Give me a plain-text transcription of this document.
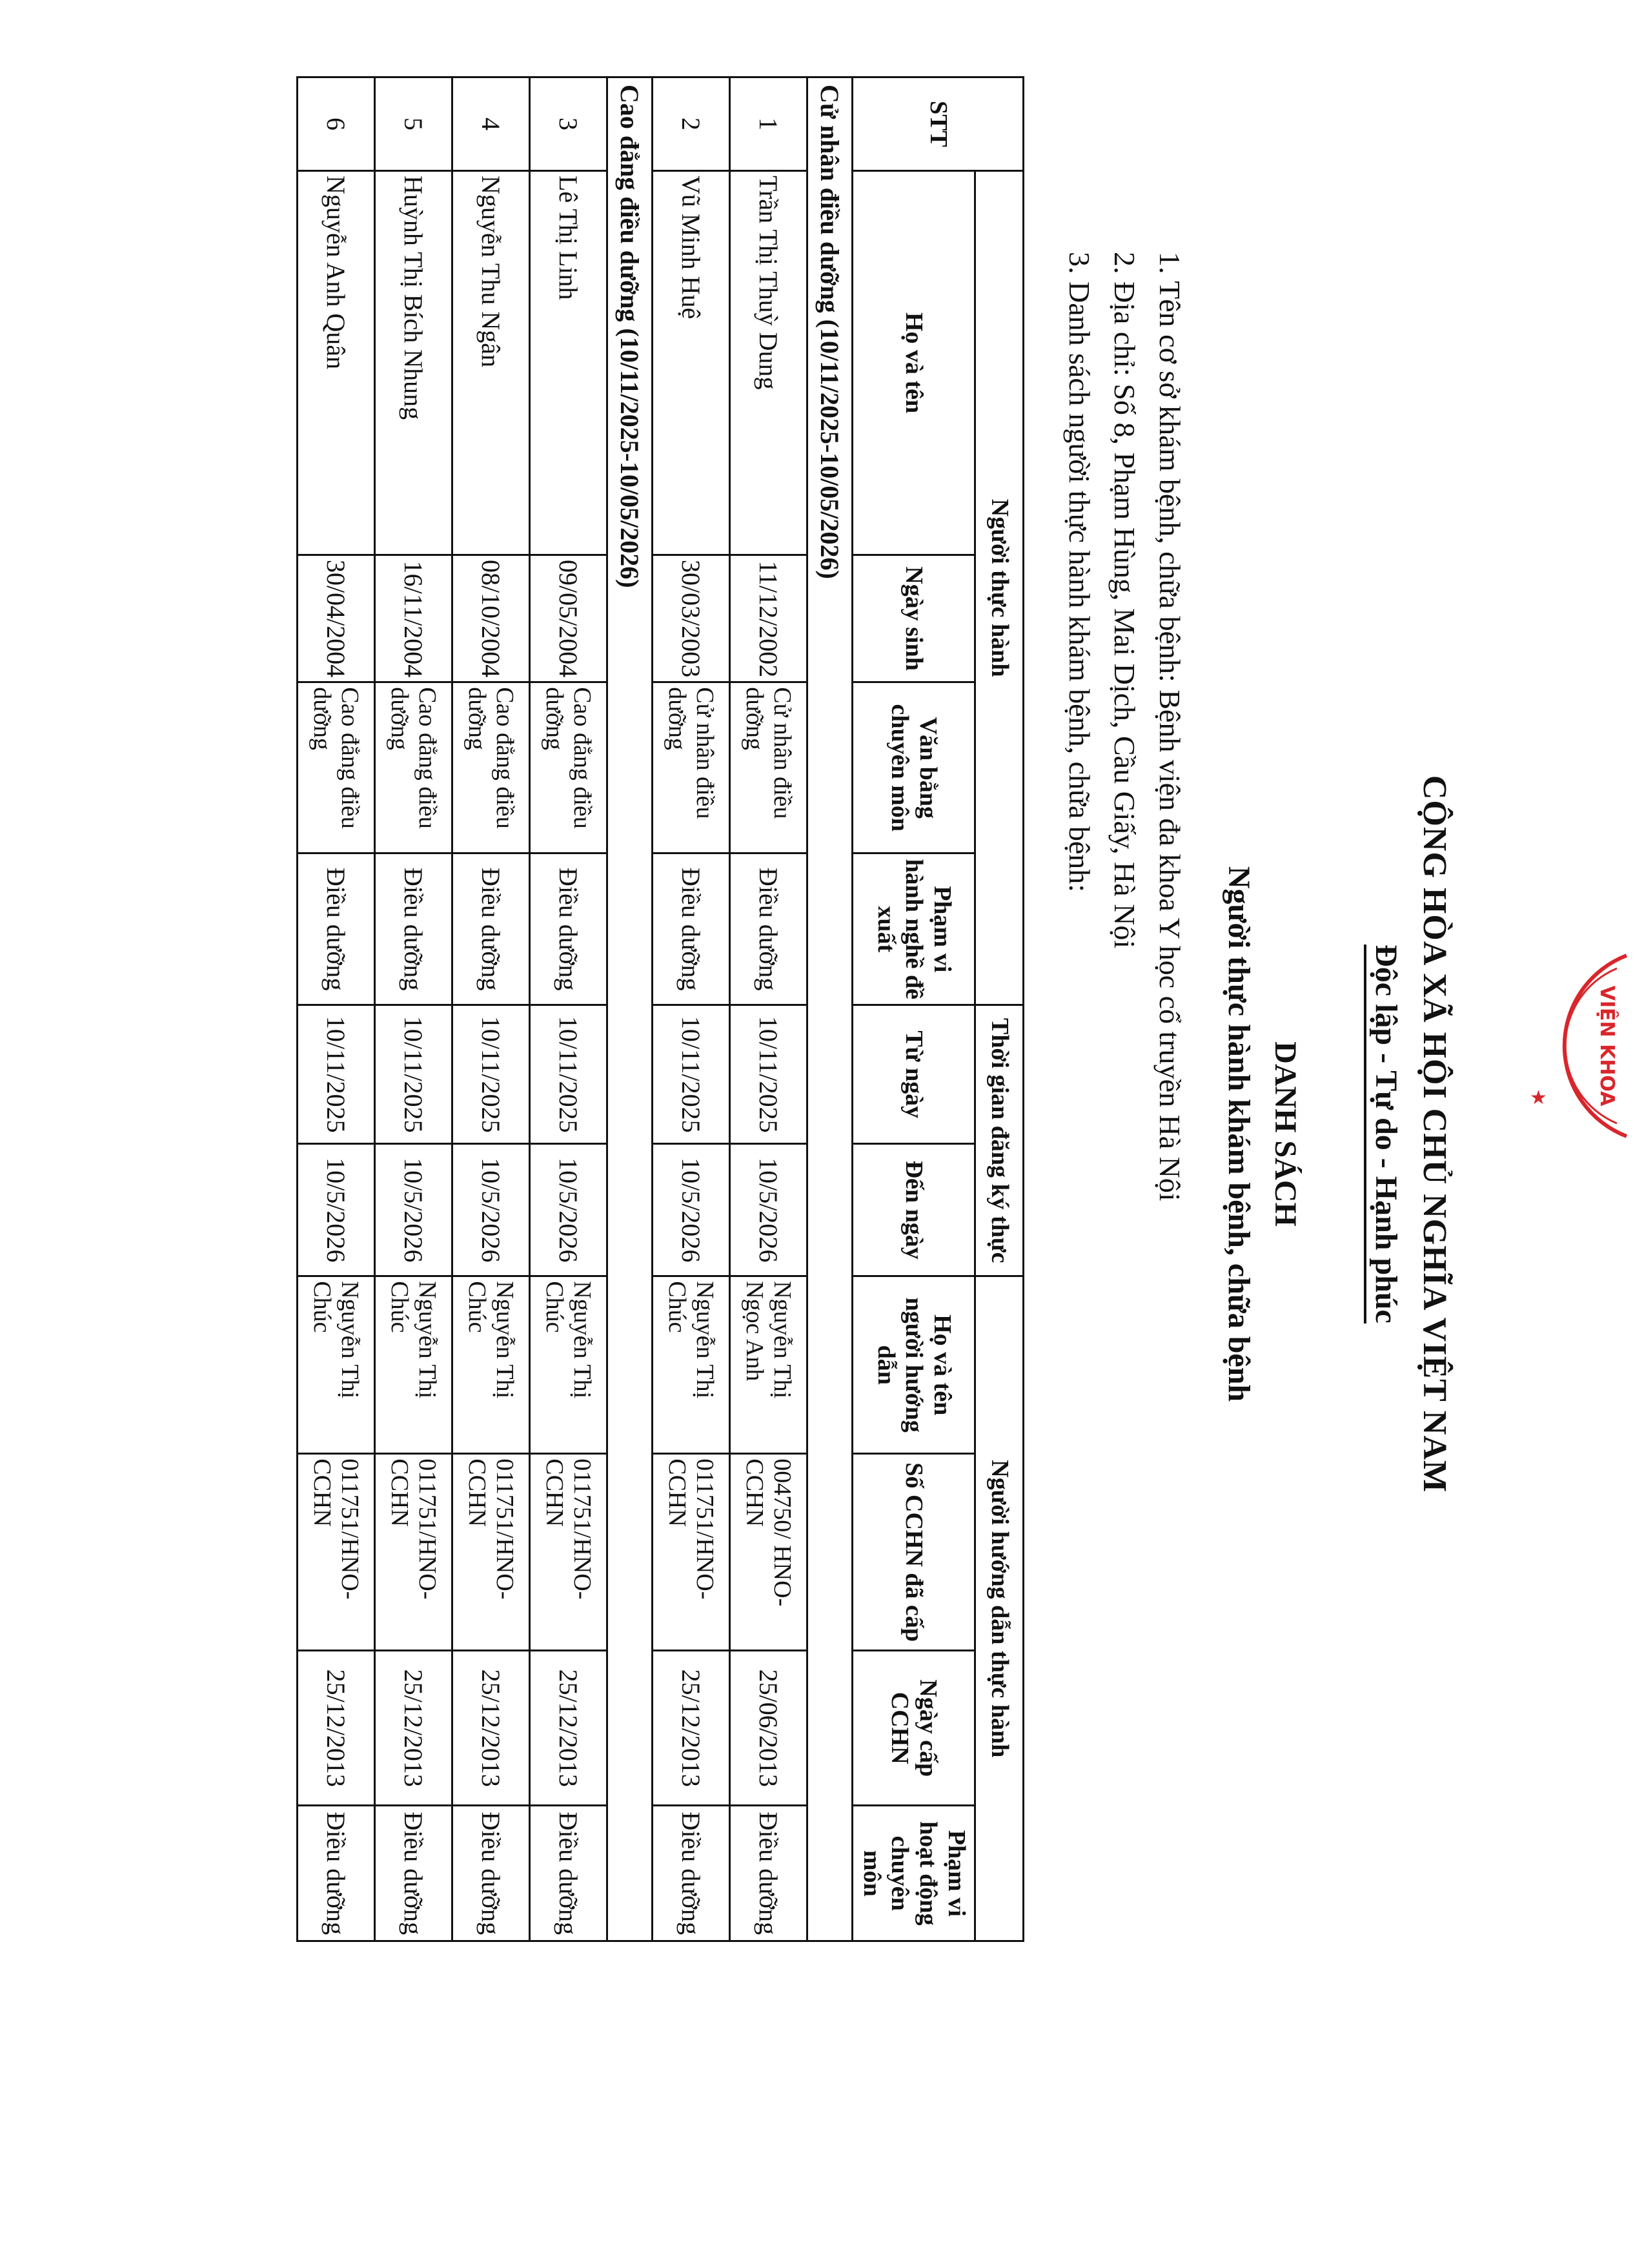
CỘNG HÒA XÃ HỘI CHỦ NGHĨA VIỆT NAM
Độc lập - Tự do - Hạnh phúc
DANH SÁCH
Người thực hành khám bệnh, chữa bệnh
1. Tên cơ sở khám bệnh, chữa bệnh: Bệnh viện đa khoa Y học cổ truyền Hà Nội
2. Địa chỉ: Số 8, Phạm Hùng, Mai Dịch, Cầu Giấy, Hà Nội
3. Danh sách người thực hành khám bệnh, chữa bệnh:
STT	Người thực hành				Thời gian đăng ký thực		Người hướng dẫn thực hành			
	Họ và tên	Ngày sinh	Văn bằng chuyên môn	Phạm vi hành nghề đề xuất	Từ ngày	Đến ngày	Họ và tên người hướng dẫn	Số CCHN đã cấp	Ngày cấp CCHN	Phạm vi hoạt động chuyên môn
Cử nhân điều dưỡng (10/11/2025-10/05/2026)										
1	Trần Thị Thuỳ Dung	11/12/2002	Cử nhân điều dưỡng	Điều dưỡng	10/11/2025	10/5/2026	Nguyễn Thị Ngọc Anh	004750/ HNO-CCHN	25/06/2013	Điều dưỡng
2	Vũ Minh Huệ	30/03/2003	Cử nhân điều dưỡng	Điều dưỡng	10/11/2025	10/5/2026	Nguyễn Thị Chúc	011751/HNO-CCHN	25/12/2013	Điều dưỡng
Cao đẳng điều dưỡng (10/11/2025-10/05/2026)										
3	Lê Thị Linh	09/05/2004	Cao đẳng điều dưỡng	Điều dưỡng	10/11/2025	10/5/2026	Nguyễn Thị Chúc	011751/HNO-CCHN	25/12/2013	Điều dưỡng
4	Nguyễn Thu Ngân	08/10/2004	Cao đẳng điều dưỡng	Điều dưỡng	10/11/2025	10/5/2026	Nguyễn Thị Chúc	011751/HNO-CCHN	25/12/2013	Điều dưỡng
5	Huỳnh Thị Bích Nhung	16/11/2004	Cao đẳng điều dưỡng	Điều dưỡng	10/11/2025	10/5/2026	Nguyễn Thị Chúc	011751/HNO-CCHN	25/12/2013	Điều dưỡng
6	Nguyễn Anh Quân	30/04/2004	Cao đẳng điều dưỡng	Điều dưỡng	10/11/2025	10/5/2026	Nguyễn Thị Chúc	011751/HNO-CCHN	25/12/2013	Điều dưỡng
VIỆN KHOA
★
